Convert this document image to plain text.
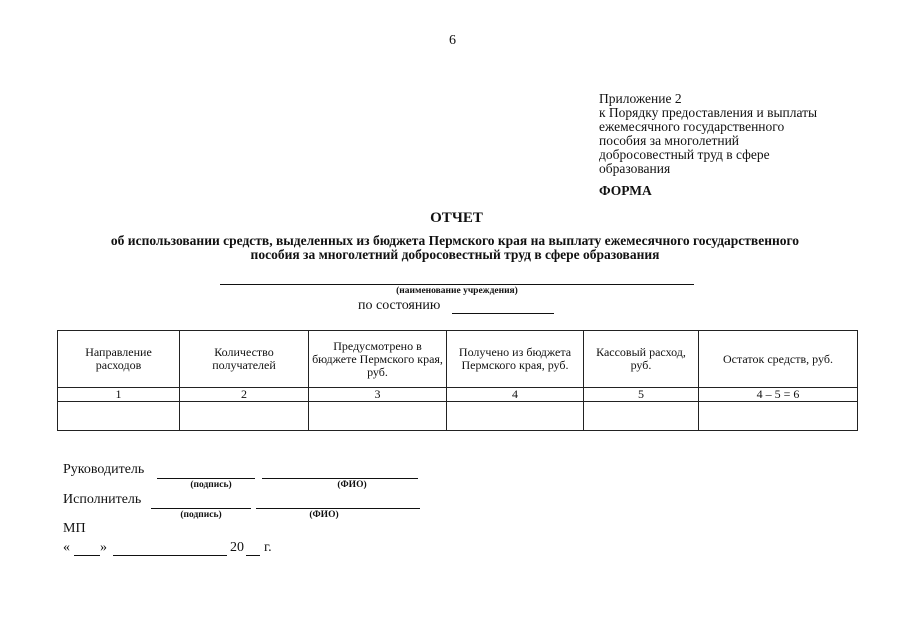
6
Приложение 2
к Порядку предоставления и выплаты
ежемесячного государственного
пособия за многолетний
добросовестный труд в сфере
образования
ФОРМА
ОТЧЕТ
об использовании средств, выделенных из бюджета Пермского края на выплату ежемесячного государственного
пособия за многолетний добросовестный труд в сфере образования
(наименование учреждения)
по состоянию
Направление расходов	Количество получателей	Предусмотрено в бюджете Пермского края, руб.	Получено из бюджета Пермского края, руб.	Кассовый расход, руб.	Остаток средств, руб.
1	2	3	4	5	4 – 5 = 6

Руководитель
(подпись)	(ФИО)
Исполнитель
(подпись)	(ФИО)
МП
« »	20 г.
